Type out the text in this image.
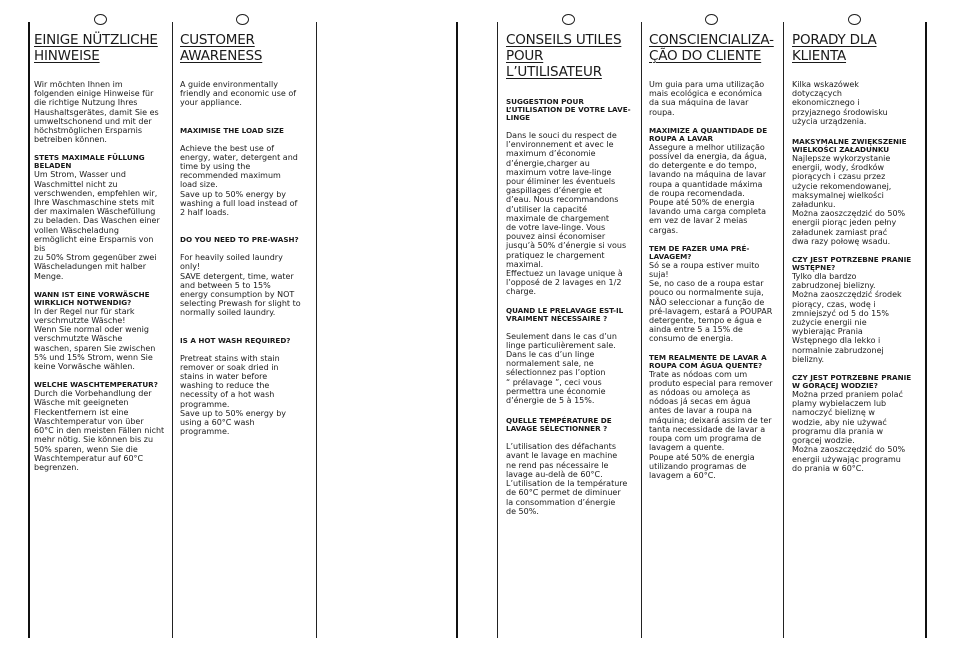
EINIGE NÜTZLICHE
HINWEISE

Wir möchten Ihnen im
folgenden einige Hinweise für
die richtige Nutzung Ihres
Haushaltsgerätes, damit Sie es
umweltschonend und mit der
höchstmöglichen Ersparnis
betreiben können.

STETS MAXIMALE FÜLLUNG
BELADEN

Um Strom, Wasser und
Waschmittel nicht zu
verschwenden, empfehlen wir,
Ihre Waschmaschine stets mit
der maximalen Wäschefüllung
zu beladen. Das Waschen einer
vollen Wäscheladung
ermöglicht eine Ersparnis von bis
zu 50% Strom gegenüber zwei
Wäscheladungen mit halber
Menge.

WANN IST EINE VORWÄSCHE
WIRKLICH NOTWENDIG?

In der Regel nur für stark
verschmutzte Wäsche!
Wenn Sie normal oder wenig
verschmutzte Wäsche
waschen, sparen Sie zwischen
5% und 15% Strom, wenn Sie
keine Vorwäsche wählen.

WELCHE WASCHTEMPERATUR?

Durch die Vorbehandlung der
Wäsche mit geeigneten
Fleckentfernern ist eine
Waschtemperatur von über
60°C in den meisten Fällen nicht
mehr nötig. Sie können bis zu
50% sparen, wenn Sie die
Waschtemperatur auf 60°C
begrenzen.

CUSTOMER
AWARENESS

A guide environmentally
friendly and economic use of
your appliance.

MAXIMISE THE LOAD SIZE

Achieve the best use of
energy, water, detergent and
time by using the
recommended maximum
load size.
Save up to 50% energy by
washing a full load instead of
2 half loads.

DO YOU NEED TO PRE-WASH?

For heavily soiled laundry
only!
SAVE detergent, time, water
and between 5 to 15%
energy consumption by NOT
selecting Prewash for slight to
normally soiled laundry.

IS A HOT WASH REQUIRED?

Pretreat stains with stain
remover or soak dried in
stains in water before
washing to reduce the
necessity of a hot wash
programme.
Save up to 50% energy by
using a 60°C wash
programme.

CONSEILS UTILES
POUR L’UTILISATEUR

SUGGESTION POUR
L’UTILISATION DE VOTRE LAVE-
LINGE

Dans le souci du respect de
l’environnement et avec le
maximum d’économie
d’énergie,charger au
maximum votre lave-linge
pour éliminer les éventuels
gaspillages d’énergie et
d’eau. Nous recommandons
d’utiliser la capacité
maximale de chargement
de votre lave-linge. Vous
pouvez ainsi économiser
jusqu’à 50% d’énergie si vous
pratiquez le chargement
maximal.
Effectuez un lavage unique à
l’opposé de 2 lavages en 1/2
charge.

QUAND LE PRELAVAGE EST-IL
VRAIMENT NÉCESSAIRE ?

Seulement dans le cas d’un
linge particulièrement sale.
Dans le cas d’un linge
normalement sale, ne
sélectionnez pas l’option
“ prélavage ”, ceci vous
permettra une économie
d’énergie de 5 à 15%.

QUELLE TEMPÉRATURE DE
LAVAGE SÉLECTIONNER ?

L’utilisation des défachants
avant le lavage en machine
ne rend pas nécessaire le
lavage au-delà de 60°C.
L’utilisation de la température
de 60°C permet de diminuer
la consommation d’énergie
de 50%.

CONSCIENCIALIZA-
ÇÃO DO CLIENTE

Um guia para uma utilização
mais ecológica e económica
da sua máquina de lavar
roupa.

MAXIMIZE A QUANTIDADE DE
ROUPA A LAVAR

Assegure a melhor utilização
possível da energia, da água,
do detergente e do tempo,
lavando na máquina de lavar
roupa a quantidade máxima
de roupa recomendada.
Poupe até 50% de energia
lavando uma carga completa
em vez de lavar 2 meias
cargas.

TEM DE FAZER UMA PRÉ-
LAVAGEM?

Só se a roupa estiver muito
suja!
Se, no caso de a roupa estar
pouco ou normalmente suja,
NÃO seleccionar a função de
pré-lavagem, estará a POUPAR
detergente, tempo e água e
ainda entre 5 a 15% de
consumo de energia.

TEM REALMENTE DE LAVAR A
ROUPA COM ÁGUA QUENTE?

Trate as nódoas com um
produto especial para remover
as nódoas ou amoleça as
nódoas já secas em água
antes de lavar a roupa na
máquina; deixará assim de ter
tanta necessidade de lavar a
roupa com um programa de
lavagem a quente.
Poupe até 50% de energia
utilizando programas de
lavagem a 60°C.

PORADY DLA
KLIENTA

Kilka wskazówek
dotyczących
ekonomicznego i
przyjaznego środowisku
użycia urządzenia.

MAKSYMALNE ZWIĘKSZENIE
WIELKOŚCI ZAŁADUNKU

Najlepsze wykorzystanie
energii, wody, środków
piorących i czasu przez
użycie rekomendowanej,
maksymalnej wielkości
załadunku.
Można zaoszczędzić do 50%
energii piorąc jeden pełny
załadunek zamiast prać
dwa razy połowę wsadu.

CZY JEST POTRZEBNE PRANIE
WSTĘPNE?

Tylko dla bardzo
zabrudzonej bielizny.
Można zaoszczędzić środek
piorący, czas, wodę i
zmniejszyć od 5 do 15%
zużycie energii nie
wybierając Prania
Wstępnego dla lekko i
normalnie zabrudzonej
bielizny.

CZY JEST POTRZEBNE PRANIE
W GORĄCEJ WODZIE?

Można przed praniem polać
plamy wybielaczem lub
namoczyć bieliznę w
wodzie, aby nie używać
programu dla prania w
gorącej wodzie.
Można zaoszczędzić do 50%
energii używając programu
do prania w 60°C.
